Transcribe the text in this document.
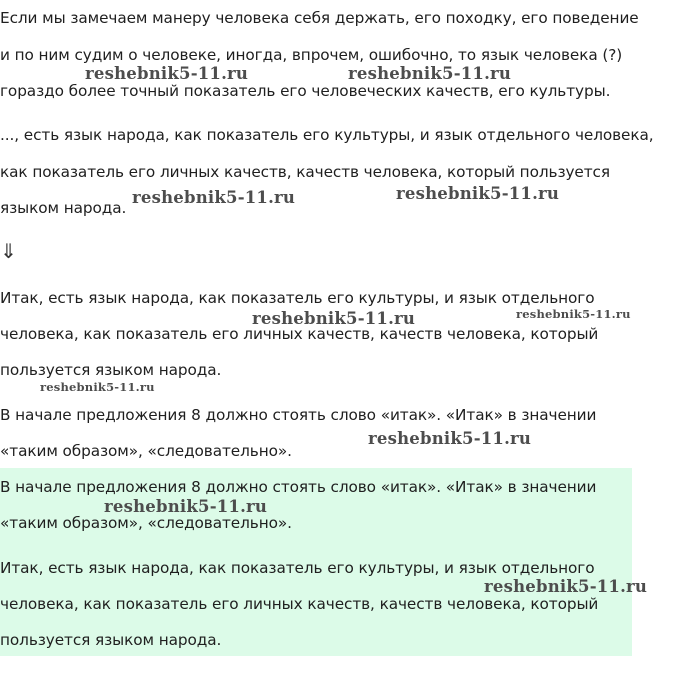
Если мы замечаем манеру человека себя держать, его походку, его поведение
и по ним судим о человеке, иногда, впрочем, ошибочно, то язык человека (?)
гораздо более точный показатель его человеческих качеств, его культуры.
..., есть язык народа, как показатель его культуры, и язык отдельного человека,
как показатель его личных качеств, качеств человека, который пользуется
языком народа.
⇓
Итак, есть язык народа, как показатель его культуры, и язык отдельного
человека, как показатель его личных качеств, качеств человека, который
пользуется языком народа.
В начале предложения 8 должно стоять слово «итак». «Итак» в значении
«таким образом», «следовательно».
В начале предложения 8 должно стоять слово «итак». «Итак» в значении
«таким образом», «следовательно».
Итак, есть язык народа, как показатель его культуры, и язык отдельного
человека, как показатель его личных качеств, качеств человека, который
пользуется языком народа.
reshebnik5-11.ru	reshebnik5-11.ru
reshebnik5-11.ru	reshebnik5-11.ru
reshebnik5-11.ru	reshebnik5-11.ru
reshebnik5-11.ru
reshebnik5-11.ru
reshebnik5-11.ru
reshebnik5-11.ru
